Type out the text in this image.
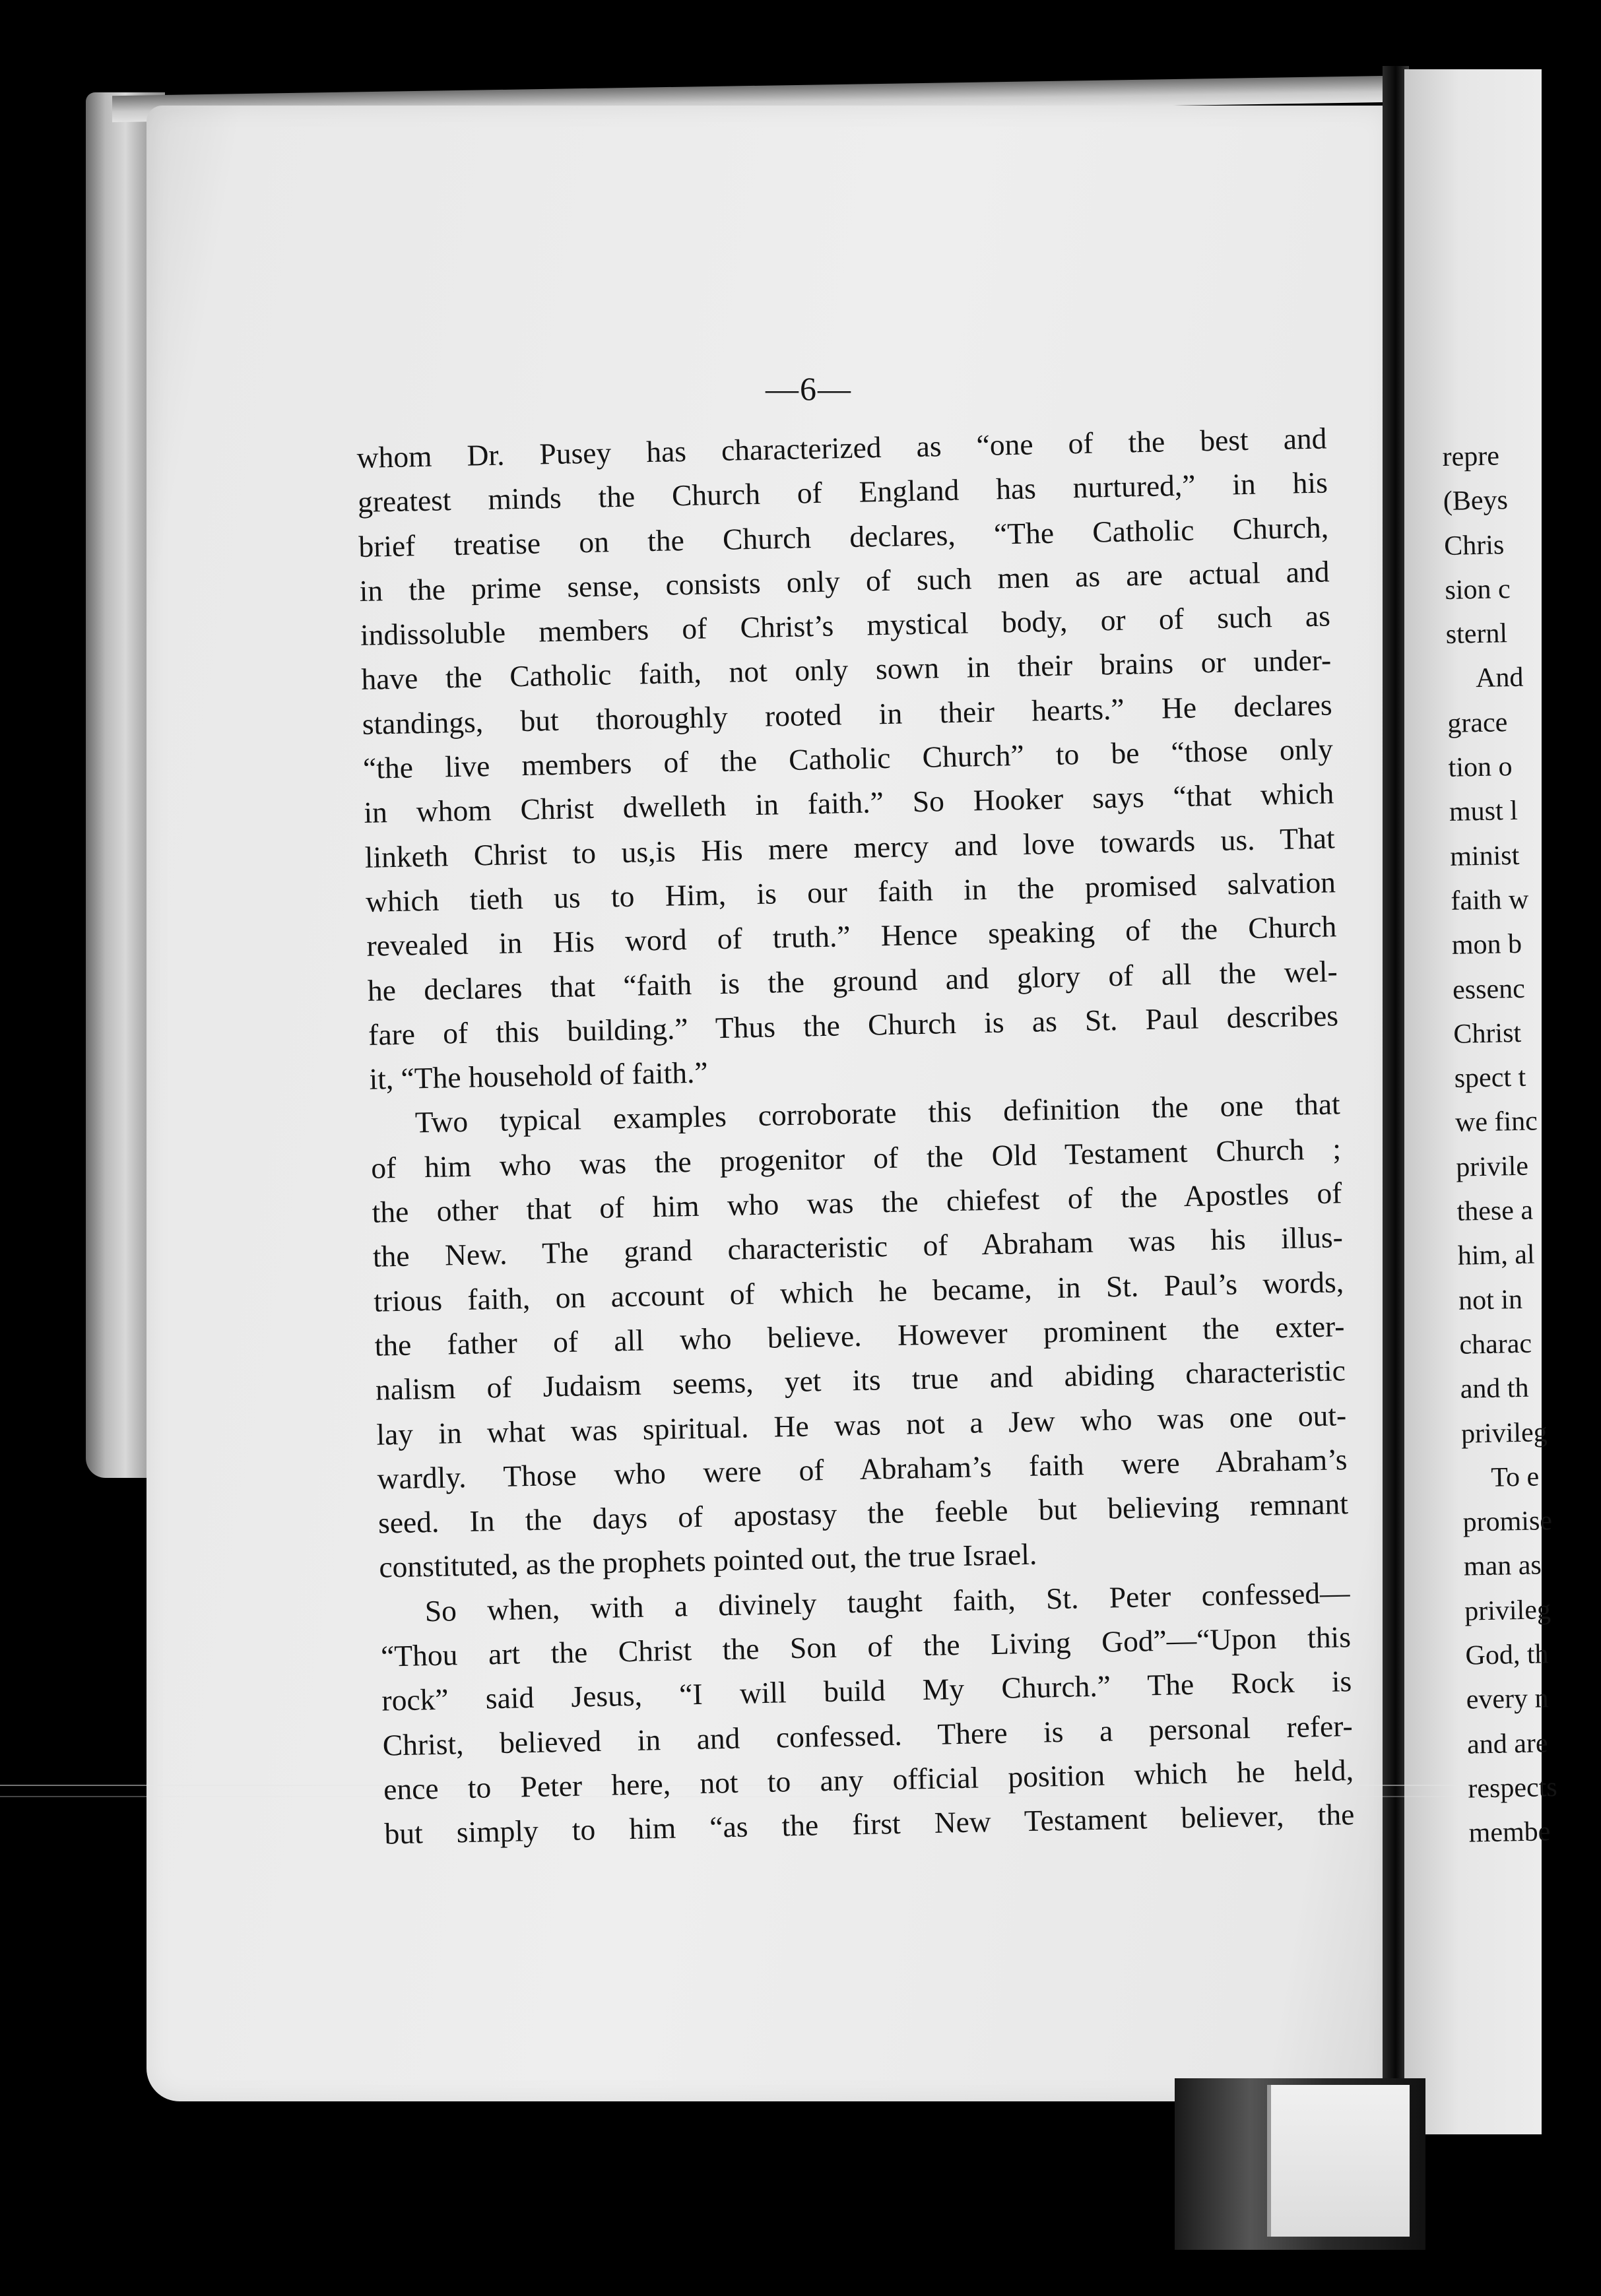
—6—
whom Dr. Pusey has characterized as “one of the best and
greatest minds the Church of England has nurtured,” in his
brief treatise on the Church declares, “The Catholic Church,
in the prime sense, consists only of such men as are actual and
indissoluble members of Christ’s mystical body, or of such as
have the Catholic faith, not only sown in their brains or under-
standings, but thoroughly rooted in their hearts.” He declares
“the live members of the Catholic Church” to be “those only
in whom Christ dwelleth in faith.” So Hooker says “that which
linketh Christ to us,is His mere mercy and love towards us. That
which tieth us to Him, is our faith in the promised salvation
revealed in His word of truth.” Hence speaking of the Church
he declares that “faith is the ground and glory of all the wel-
fare of this building.” Thus the Church is as St. Paul describes
it, “The household of faith.”
Two typical examples corroborate this definition the one that
of him who was the progenitor of the Old Testament Church ;
the other that of him who was the chiefest of the Apostles of
the New. The grand characteristic of Abraham was his illus-
trious faith, on account of which he became, in St. Paul’s words,
the father of all who believe. However prominent the exter-
nalism of Judaism seems, yet its true and abiding characteristic
lay in what was spiritual. He was not a Jew who was one out-
wardly. Those who were of Abraham’s faith were Abraham’s
seed. In the days of apostasy the feeble but believing remnant
constituted, as the prophets pointed out, the true Israel.
So when, with a divinely taught faith, St. Peter confessed—
“Thou art the Christ the Son of the Living God”—“Upon this
rock” said Jesus, “I will build My Church.” The Rock is
Christ, believed in and confessed. There is a personal refer-
ence to Peter here, not to any official position which he held,
but simply to him “as the first New Testament believer, the
repre
(Beys
Chris
sion c
sternl
And
grace
tion o
must l
minist
faith w
mon b
essenc
Christ
spect t
we finc
privile
these a
him, al
not in
charac
and th
privileg
To e
promise
man as
privileg
God, th
every n
and are
respects
membe
